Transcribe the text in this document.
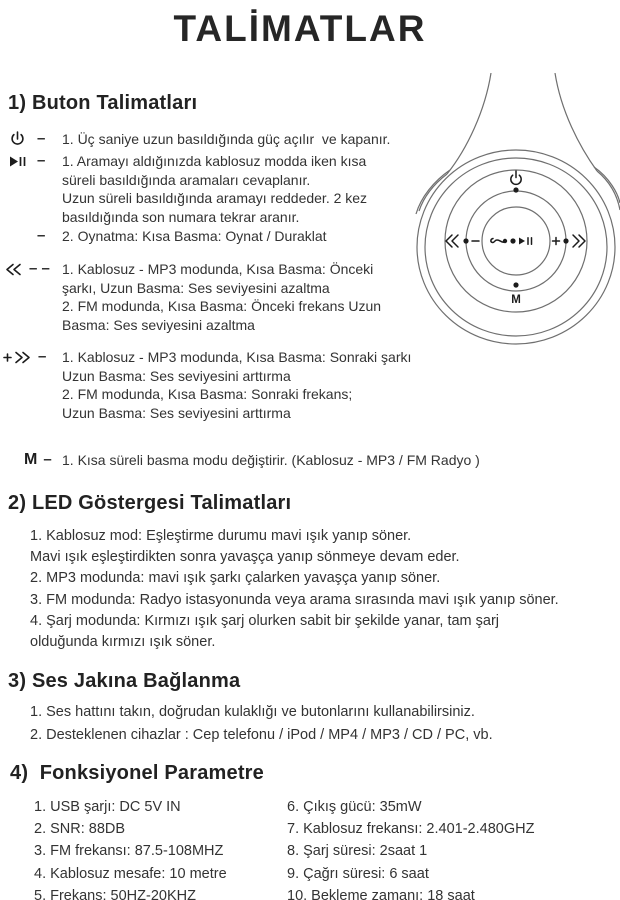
TALİMATLAR
M
1) Buton Talimatları
– 1. Üç saniye uzun basıldığında güç açılır  ve kapanır.
– 1. Aramayı aldığınızda kablosuz modda iken kısa
süreli basıldığında aramaları cevaplanır.
Uzun süreli basıldığında aramayı reddeder. 2 kez
basıldığında son numara tekrar aranır.
– 2. Oynatma: Kısa Basma: Oynat / Duraklat
– – 1. Kablosuz - MP3 modunda, Kısa Basma: Önceki
şarkı, Uzun Basma: Ses seviyesini azaltma
2. FM modunda, Kısa Basma: Önceki frekans Uzun
Basma: Ses seviyesini azaltma
– 1. Kablosuz - MP3 modunda, Kısa Basma: Sonraki şarkı
Uzun Basma: Ses seviyesini arttırma
2. FM modunda, Kısa Basma: Sonraki frekans;
Uzun Basma: Ses seviyesini arttırma
M – 1. Kısa süreli basma modu değiştirir. (Kablosuz - MP3 / FM Radyo )
2) LED Göstergesi Talimatları
1. Kablosuz mod: Eşleştirme durumu mavi ışık yanıp söner.
Mavi ışık eşleştirdikten sonra yavaşça yanıp sönmeye devam eder.
2. MP3 modunda: mavi ışık şarkı çalarken yavaşça yanıp söner.
3. FM modunda: Radyo istasyonunda veya arama sırasında mavi ışık yanıp söner.
4. Şarj modunda: Kırmızı ışık şarj olurken sabit bir şekilde yanar, tam şarj
olduğunda kırmızı ışık söner.
3) Ses Jakına Bağlanma
1. Ses hattını takın, doğrudan kulaklığı ve butonlarını kullanabilirsiniz.
2. Desteklenen cihazlar : Cep telefonu / iPod / MP4 / MP3 / CD / PC, vb.
4)  Fonksiyonel Parametre
1. USB şarjı: DC 5V IN
2. SNR: 88DB
3. FM frekansı: 87.5-108MHZ
4. Kablosuz mesafe: 10 metre
5. Frekans: 50HZ-20KHZ
6. Çıkış gücü: 35mW
7. Kablosuz frekansı: 2.401-2.480GHZ
8. Şarj süresi: 2saat 1
9. Çağrı süresi: 6 saat
10. Bekleme zamanı: 18 saat
